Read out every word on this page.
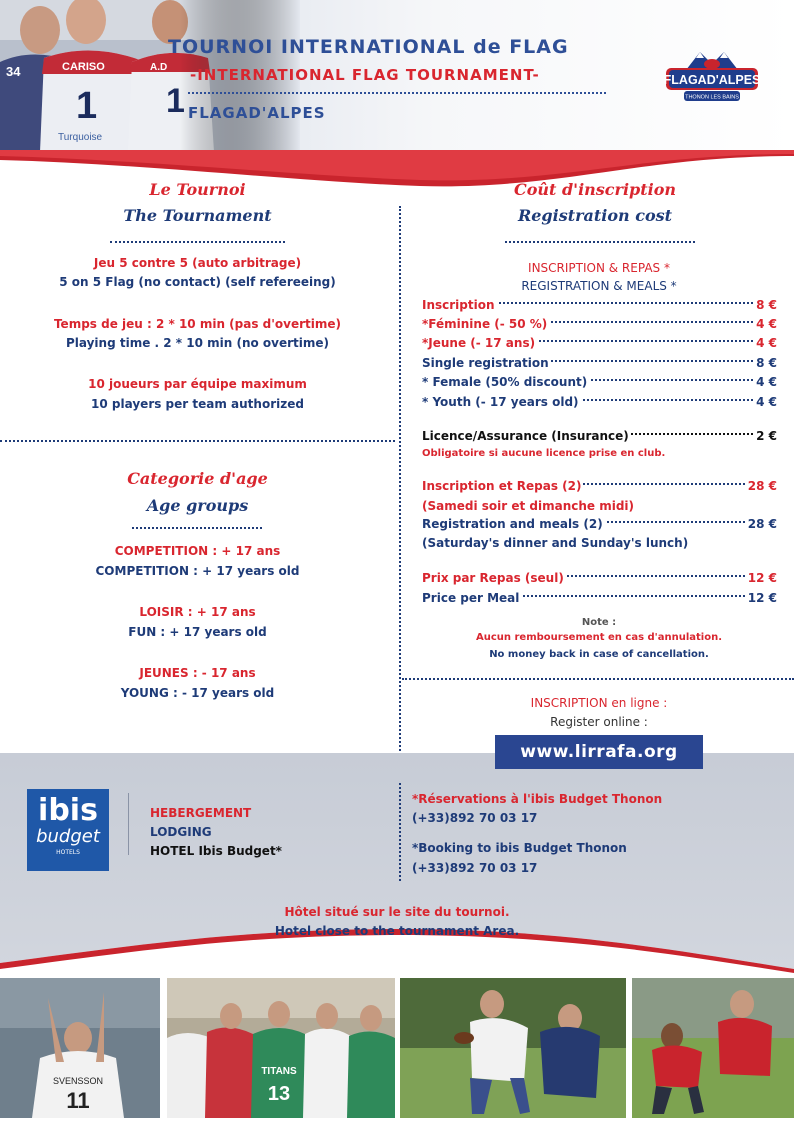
TOURNOI INTERNATIONAL de FLAG
-INTERNATIONAL FLAG TOURNAMENT-
FLAGAD'ALPES
FLAGAD'ALPES
THONON LES BAINS
Le Tournoi
The Tournament
Jeu 5 contre 5 (auto arbitrage)
5 on 5 Flag (no contact) (self refereeing)
Temps de jeu : 2 * 10 min (pas d'overtime)
Playing time . 2 * 10 min (no overtime)
10 joueurs par équipe maximum
10 players per team authorized
Categorie d'age
Age groups
COMPETITION : + 17 ans
COMPETITION : + 17 years old
LOISIR : + 17 ans
FUN : + 17 years old
JEUNES : - 17 ans
YOUNG : - 17 years old
Coût d'inscription
Registration cost
INSCRIPTION & REPAS *
REGISTRATION & MEALS *
Inscription	8 €
*Féminine (- 50 %)	4 €
*Jeune (- 17 ans)	4 €
Single registration	8 €
* Female (50% discount)	4 €
* Youth (- 17 years old)	4 €
Licence/Assurance (Insurance)	2 €
Obligatoire si aucune licence prise en club.
Inscription et Repas (2)	28 €
(Samedi soir et dimanche midi)
Registration and meals (2)	28 €
(Saturday's dinner and Sunday's lunch)
Prix par Repas (seul)	12 €
Price per Meal	12 €
Note :
Aucun remboursement en cas d'annulation.
No money back in case of cancellation.
INSCRIPTION en ligne :
Register online :
www.lirrafa.org
ibis
budget
HOTELS
HEBERGEMENT
LODGING
HOTEL Ibis Budget*
*Réservations à l'ibis Budget Thonon
(+33)892 70 03 17
*Booking to ibis Budget Thonon
(+33)892 70 03 17
Hôtel situé sur le site du tournoi.
Hotel close to the tournament Area.
SVENSSON
11
TITANS
13
